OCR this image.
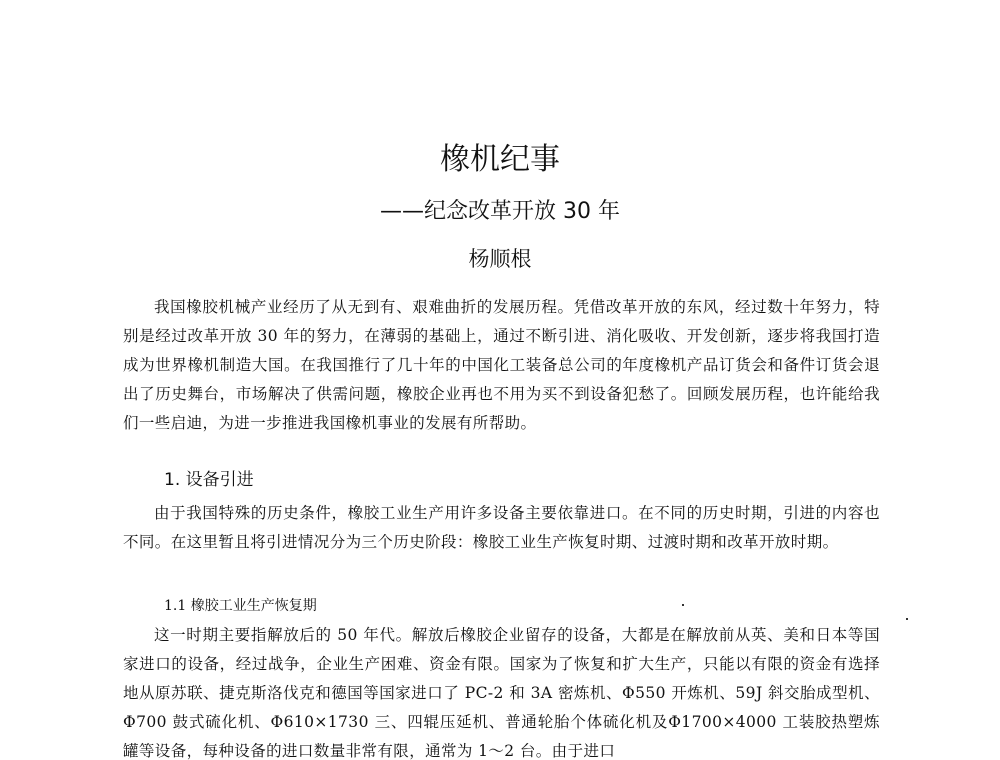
橡机纪事
——纪念改革开放 30 年
杨顺根

我国橡胶机械产业经历了从无到有、艰难曲折的发展历程。凭借改革开放的东风，经过数十年努力，特别是经过改革开放 30 年的努力，在薄弱的基础上，通过不断引进、消化吸收、开发创新，逐步将我国打造成为世界橡机制造大国。在我国推行了几十年的中国化工装备总公司的年度橡机产品订货会和备件订货会退出了历史舞台，市场解决了供需问题，橡胶企业再也不用为买不到设备犯愁了。回顾发展历程，也许能给我们一些启迪，为进一步推进我国橡机事业的发展有所帮助。

1. 设备引进

由于我国特殊的历史条件，橡胶工业生产用许多设备主要依靠进口。在不同的历史时期，引进的内容也不同。在这里暂且将引进情况分为三个历史阶段：橡胶工业生产恢复时期、过渡时期和改革开放时期。

1.1 橡胶工业生产恢复期

这一时期主要指解放后的 50 年代。解放后橡胶企业留存的设备，大都是在解放前从英、美和日本等国家进口的设备，经过战争，企业生产困难、资金有限。国家为了恢复和扩大生产，只能以有限的资金有选择地从原苏联、捷克斯洛伐克和德国等国家进口了 PC-2 和 3A 密炼机、Φ550 开炼机、59J 斜交胎成型机、Φ700 鼓式硫化机、Φ610×1730 三、四辊压延机、普通轮胎个体硫化机及Φ1700×4000 工装胶热塑炼罐等设备，每种设备的进口数量非常有限，通常为 1～2 台。由于进口
